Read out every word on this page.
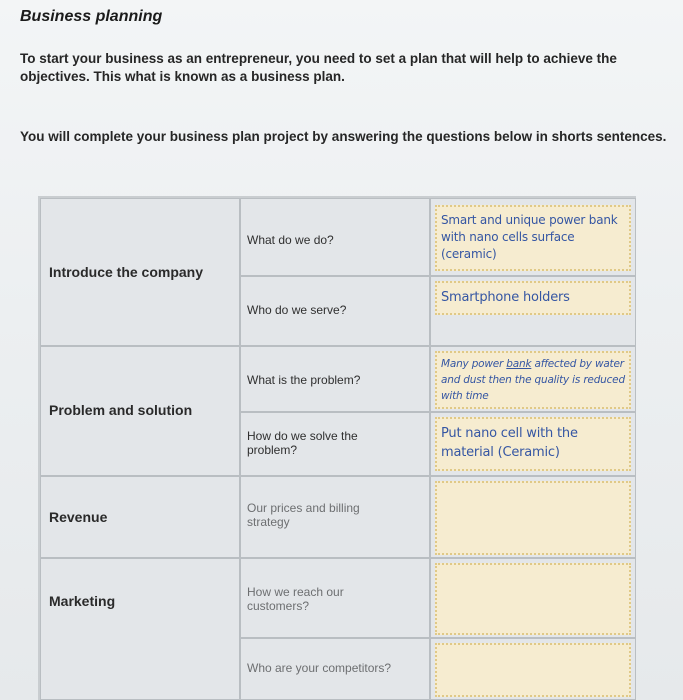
Business planning
To start your business as an entrepreneur, you need to set a plan that will help to achieve the objectives. This what is known as a business plan.
You will complete your business plan project by answering the questions below in shorts sentences.
Introduce the company
What do we do?
Smart and unique power bank with nano cells surface (ceramic)
Who do we serve?
Smartphone holders
Problem and solution
What is the problem?
Many power bank affected by water and dust then the quality is reduced with time
How do we solve the problem?
Put nano cell with the material (Ceramic)
Revenue
Our prices and billing strategy
Marketing
How we reach our customers?
Who are your competitors?
